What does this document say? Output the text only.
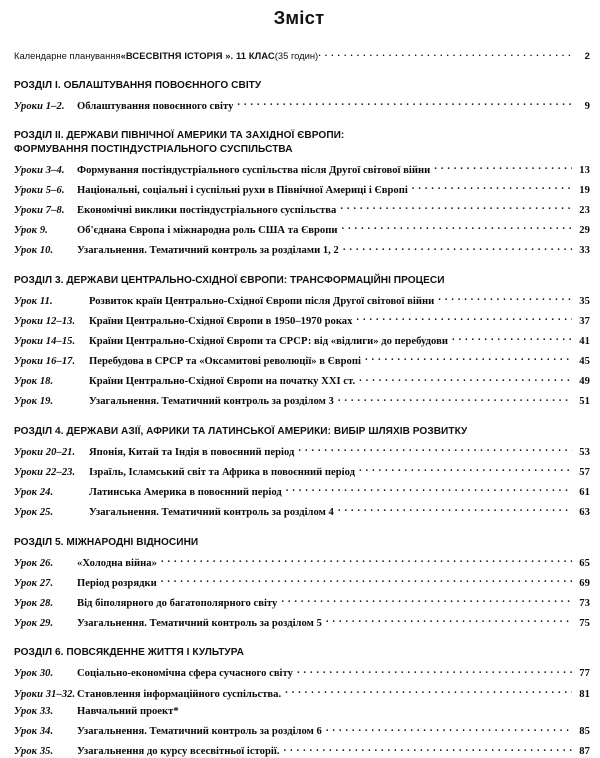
Зміст
Календарне планування «ВСЕСВІТНЯ ІСТОРІЯ ». 11 КЛАС (35 годин) . . .	2
РОЗДІЛ І. ОБЛАШТУВАННЯ ПОВОЄННОГО СВІТУ
Уроки 1–2.	Облаштування повоєнного світу . . .	9
РОЗДІЛ ІІ. ДЕРЖАВИ ПІВНІЧНОЇ АМЕРИКИ ТА ЗАХІДНОЇ ЄВРОПИ:
ФОРМУВАННЯ ПОСТІНДУСТРІАЛЬНОГО СУСПІЛЬСТВА
Уроки 3–4.	Формування постіндустріального суспільства після Другої світової війни . . .	13
Уроки 5–6.	Національні, соціальні і суспільні рухи в Північної Америці і Європі . . .	19
Уроки 7–8.	Економічні виклики постіндустріального суспільства . . .	23
Урок 9.	Об'єднана Європа і міжнародна роль США та Європи . . .	29
Урок 10.	Узагальнення. Тематичний контроль за розділами 1, 2 . . .	33
РОЗДІЛ 3. ДЕРЖАВИ ЦЕНТРАЛЬНО-СХІДНОЇ ЄВРОПИ: ТРАНСФОРМАЦІЙНІ ПРОЦЕСИ
Урок 11.	Розвиток країн Центрально-Східної Європи після Другої світової війни . . .	35
Уроки 12–13.	Країни Центрально-Східної Європи в 1950–1970 роках . . .	37
Уроки 14–15.	Країни Центрально-Східної Європи та СРСР: від «відлиги» до перебудови . . .	41
Уроки 16–17.	Перебудова в СРСР та «Оксамитові революції» в Європі . . .	45
Урок 18.	Країни Центрально-Східної Європи на початку ХХІ ст. . . .	49
Урок 19.	Узагальнення. Тематичний контроль за розділом 3 . . .	51
РОЗДІЛ 4. ДЕРЖАВИ АЗІЇ, АФРИКИ ТА ЛАТИНСЬКОЇ АМЕРИКИ: ВИБІР ШЛЯХІВ РОЗВИТКУ
Уроки 20–21.	Японія, Китай та Індія в повоєнний період . . .	53
Уроки 22–23.	Ізраїль, Ісламський світ та Африка в повоєнний період . . .	57
Урок 24.	Латинська Америка в повоєнний період . . .	61
Урок 25.	Узагальнення. Тематичний контроль за розділом 4 . . .	63
РОЗДІЛ 5. МІЖНАРОДНІ ВІДНОСИНИ
Урок 26.	«Холодна війна» . . .	65
Урок 27.	Період розрядки . . .	69
Урок 28.	Від біполярного до багатополярного світу . . .	73
Урок 29.	Узагальнення. Тематичний контроль за розділом 5 . . .	75
РОЗДІЛ 6. ПОВСЯКДЕННЕ ЖИТТЯ І КУЛЬТУРА
Урок 30.	Соціально-економічна сфера сучасного світу . . .	77
Уроки 31–32. Становлення інформаційного суспільства. . . .	81
Урок 33.	Навчальний проект*
Урок 34.	Узагальнення. Тематичний контроль за розділом 6 . . .	85
Урок 35.	Узагальнення до курсу всесвітньої історії. . . .	87
